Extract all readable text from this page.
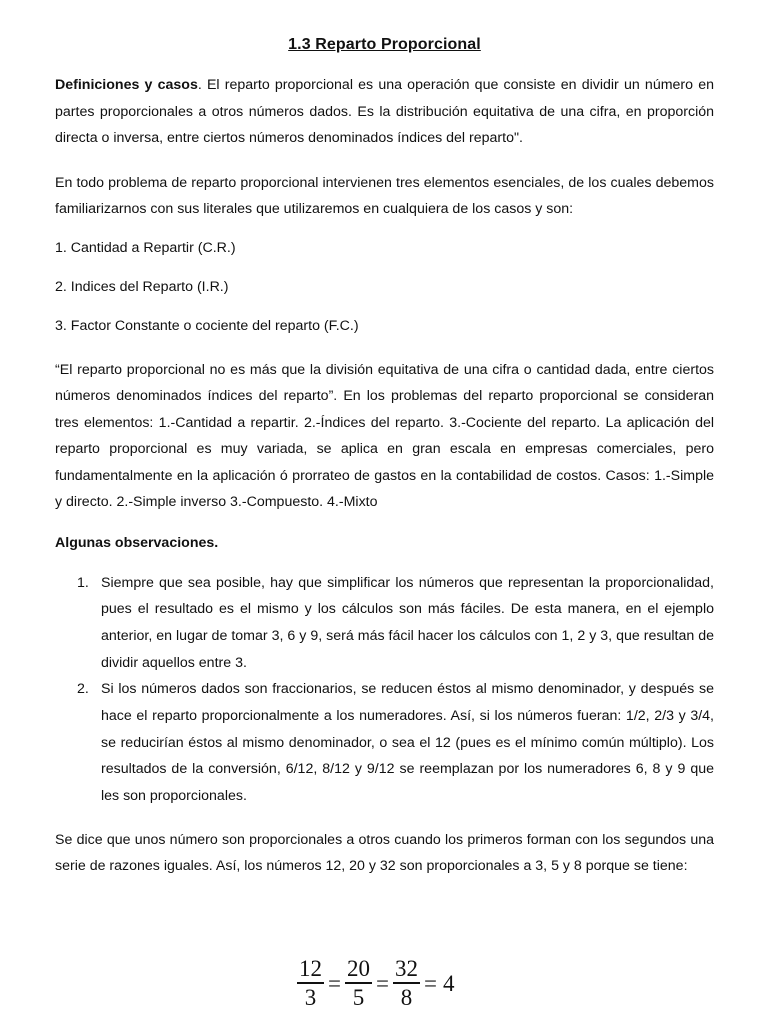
1.3 Reparto Proporcional

Definiciones y casos. El reparto proporcional es una operación que consiste en dividir un número en partes proporcionales a otros números dados. Es la distribución equitativa de una cifra, en proporción directa o inversa, entre ciertos números denominados índices del reparto".

En todo problema de reparto proporcional intervienen tres elementos esenciales, de los cuales debemos familiarizarnos con sus literales que utilizaremos en cualquiera de los casos y son:

1. Cantidad a Repartir (C.R.)

2. Indices del Reparto (I.R.)

3. Factor Constante o cociente del reparto (F.C.)

“El reparto proporcional no es más que la división equitativa de una cifra o cantidad dada, entre ciertos números denominados índices del reparto”. En los problemas del reparto proporcional se consideran tres elementos: 1.-Cantidad a repartir. 2.-Índices del reparto. 3.-Cociente del reparto. La aplicación del reparto proporcional es muy variada, se aplica en gran escala en empresas comerciales, pero fundamentalmente en la aplicación ó prorrateo de gastos en la contabilidad de costos. Casos: 1.-Simple y directo. 2.-Simple inverso 3.-Compuesto. 4.-Mixto

Algunas observaciones.

1. Siempre que sea posible, hay que simplificar los números que representan la proporcionalidad, pues el resultado es el mismo y los cálculos son más fáciles. De esta manera, en el ejemplo anterior, en lugar de tomar 3, 6 y 9, será más fácil hacer los cálculos con 1, 2 y 3, que resultan de dividir aquellos entre 3.
2. Si los números dados son fraccionarios, se reducen éstos al mismo denominador, y después se hace el reparto proporcionalmente a los numeradores. Así, si los números fueran: 1/2, 2/3 y 3/4, se reducirían éstos al mismo denominador, o sea el 12 (pues es el mínimo común múltiplo). Los resultados de la conversión, 6/12, 8/12 y 9/12 se reemplazan por los numeradores 6, 8 y 9 que les son proporcionales.

Se dice que unos número son proporcionales a otros cuando los primeros forman con los segundos una serie de razones iguales. Así, los números 12, 20 y 32 son proporcionales a 3, 5 y 8 porque se tiene:

$\frac{12}{3} = \frac{20}{5} = \frac{32}{8} = 4$
